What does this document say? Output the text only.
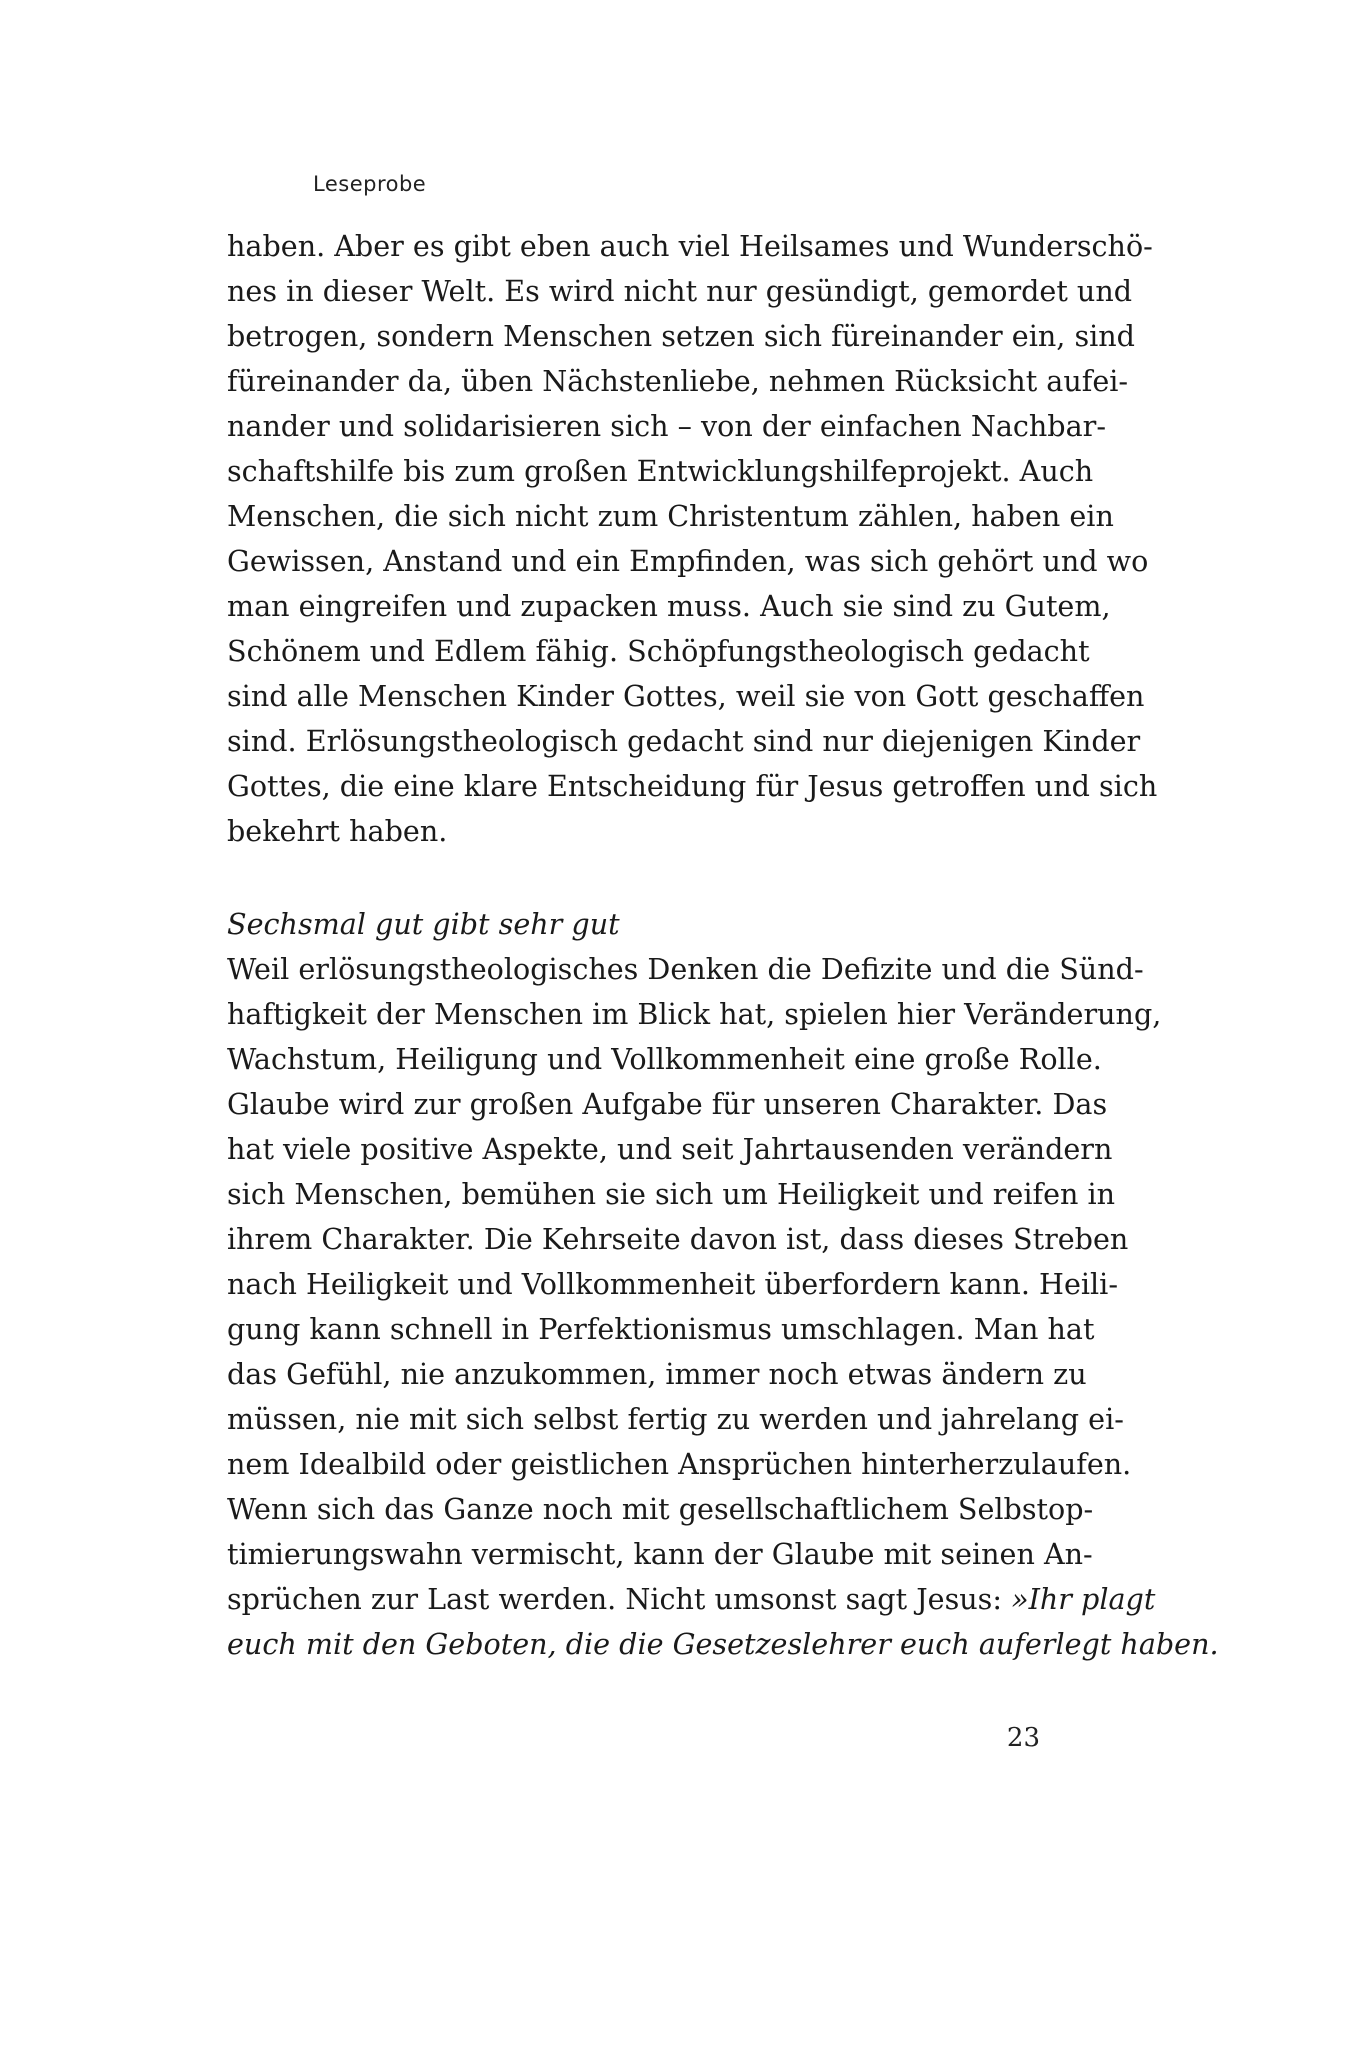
Leseprobe
haben. Aber es gibt eben auch viel Heilsames und Wunderschö-
nes in dieser Welt. Es wird nicht nur gesündigt, gemordet und
betrogen, sondern Menschen setzen sich füreinander ein, sind
füreinander da, üben Nächstenliebe, nehmen Rücksicht aufei-
nander und solidarisieren sich – von der einfachen Nachbar-
schaftshilfe bis zum großen Entwicklungshilfeprojekt. Auch
Menschen, die sich nicht zum Christentum zählen, haben ein
Gewissen, Anstand und ein Empfinden, was sich gehört und wo
man eingreifen und zupacken muss. Auch sie sind zu Gutem,
Schönem und Edlem fähig. Schöpfungstheologisch gedacht
sind alle Menschen Kinder Gottes, weil sie von Gott geschaffen
sind. Erlösungstheologisch gedacht sind nur diejenigen Kinder
Gottes, die eine klare Entscheidung für Jesus getroffen und sich
bekehrt haben.
Sechsmal gut gibt sehr gut
Weil erlösungstheologisches Denken die Defizite und die Sünd-
haftigkeit der Menschen im Blick hat, spielen hier Veränderung,
Wachstum, Heiligung und Vollkommenheit eine große Rolle.
Glaube wird zur großen Aufgabe für unseren Charakter. Das
hat viele positive Aspekte, und seit Jahrtausenden verändern
sich Menschen, bemühen sie sich um Heiligkeit und reifen in
ihrem Charakter. Die Kehrseite davon ist, dass dieses Streben
nach Heiligkeit und Vollkommenheit überfordern kann. Heili-
gung kann schnell in Perfektionismus umschlagen. Man hat
das Gefühl, nie anzukommen, immer noch etwas ändern zu
müssen, nie mit sich selbst fertig zu werden und jahrelang ei-
nem Idealbild oder geistlichen Ansprüchen hinterherzulaufen.
Wenn sich das Ganze noch mit gesellschaftlichem Selbstop-
timierungswahn vermischt, kann der Glaube mit seinen An-
sprüchen zur Last werden. Nicht umsonst sagt Jesus: »Ihr plagt
euch mit den Geboten, die die Gesetzeslehrer euch auferlegt haben.
23
